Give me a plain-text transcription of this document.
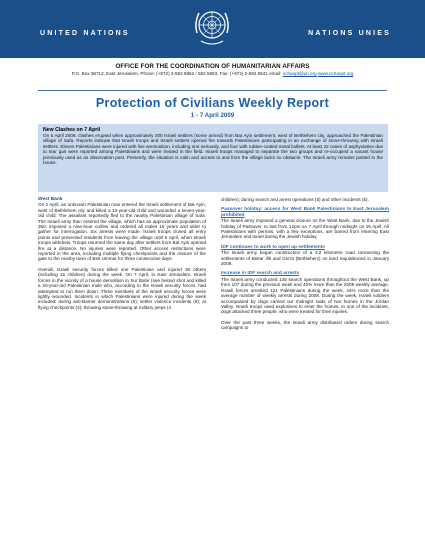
UNITED NATIONS	NATIONS UNIES
OFFICE FOR THE COORDINATION OF HUMANITARIAN AFFAIRS
P.O. Box 38712, East Jerusalem, Phone: (+972) 2-582 9962 / 582 5853, Fax: (+972) 2-582 5841 email: ochaopt@un.org www.ochaopt.org
Protection of Civilians Weekly Report
1 - 7 April 2009
New Clashes on 7 April
On 5 April 2009, clashes erupted when approximately 200 Israeli settlers (some armed) from Bat Ayin settlement, west of Bethlehem city, approached the Palestinian village of Safa. Reports indicate that Israeli troops and Israeli settlers opened fire towards Palestinians participating in an exchange of stone-throwing with Israeli settlers. Eleven Palestinians were injured with live ammunition, including one seriously, and four with rubber-coated metal bullets. At least 22 cases of asphyxiation due to tear gas were reported among Palestinians and were treated in the field. Israeli troops managed to separate the two groups and re-occupied a vacant house previously used as an observation post. Presently, the situation is calm and access to and from the village lacks no obstacle. The Israeli army remains posted in the house.
West Bank

On 2 April, an unknown Palestinian man entered the Israeli settlement of Bat Ayin, west of Bethlehem city and killed a 13-year-old child and wounded a seven-year-old child. The assailant reportedly fled to the nearby Palestinian village of Safa. The Israeli army then entered the village, which has an approximate population of 350, imposed a nine-hour curfew and ordered all males 16 years and older to gather for interrogation. Six arrests were made. Israeli troops closed all entry points and prevented residents from leaving the village until 5 April, when Israeli troops withdrew. Troops returned the same day after settlers from Bat Ayin opened fire at a distance. No injuries were reported. Other access restrictions were reported in the area, including multiple flying checkpoints and the closure of the gate to the nearby town of Beit Ummar for three consecutive days.

Overall, Israeli security forces killed one Palestinian and injured 36 others (including 15 children) during the week. On 7 April, in East Jerusalem, Israeli forces in the vicinity of a house demolition in Sur Bahir (see below) shot and killed a 20-year-old Palestinian male who, according to the Israeli security forces, had attempted to run them down. Three members of the Israeli security forces were lightly wounded. Incidents in which Palestinians were injured during the week included: during anti-Barrier demonstrations (6); settler violence incidents (8); at flying checkpoints (4); throwing stone-throwing at military jeeps (4

children); during search and arrest operations (5) and other incidents (5).

Passover holiday: access for West Bank Palestinians to East Jerusalem prohibited

The Israeli army imposed a general closure on the West Bank, due to the Jewish holiday of Passover, to last from 12pm on 7 April through midnight on 15 April. All Palestinians with permits, with a few exceptions, are barred from entering East Jerusalem and Israel during the Jewish holiday.

IDF continues to work to open up settlements

The Israeli army began construction of a 2.2 kilometre road connecting the settlements of Beitar Illit and Giv'ot (Bethlehem) on land requisitioned in January 2009.

Increase in IDF search and arrests

The Israeli army conducted 145 search operations throughout the West Bank, up from 107 during the previous week and 40% more than the 2009 weekly average. Israeli forces arrested 121 Palestinians during the week, 44% more than the average number of weekly arrests during 2008. During the week, Israeli soldiers accompanied by dogs carried out midnight raids of two homes in the Jordan Valley. Israeli troops used explosives to enter the homes. In one of the incidents, dogs attacked three people, who were treated for their injuries.

Over the past three weeks, the Israeli army distributed orders during search campaigns to
